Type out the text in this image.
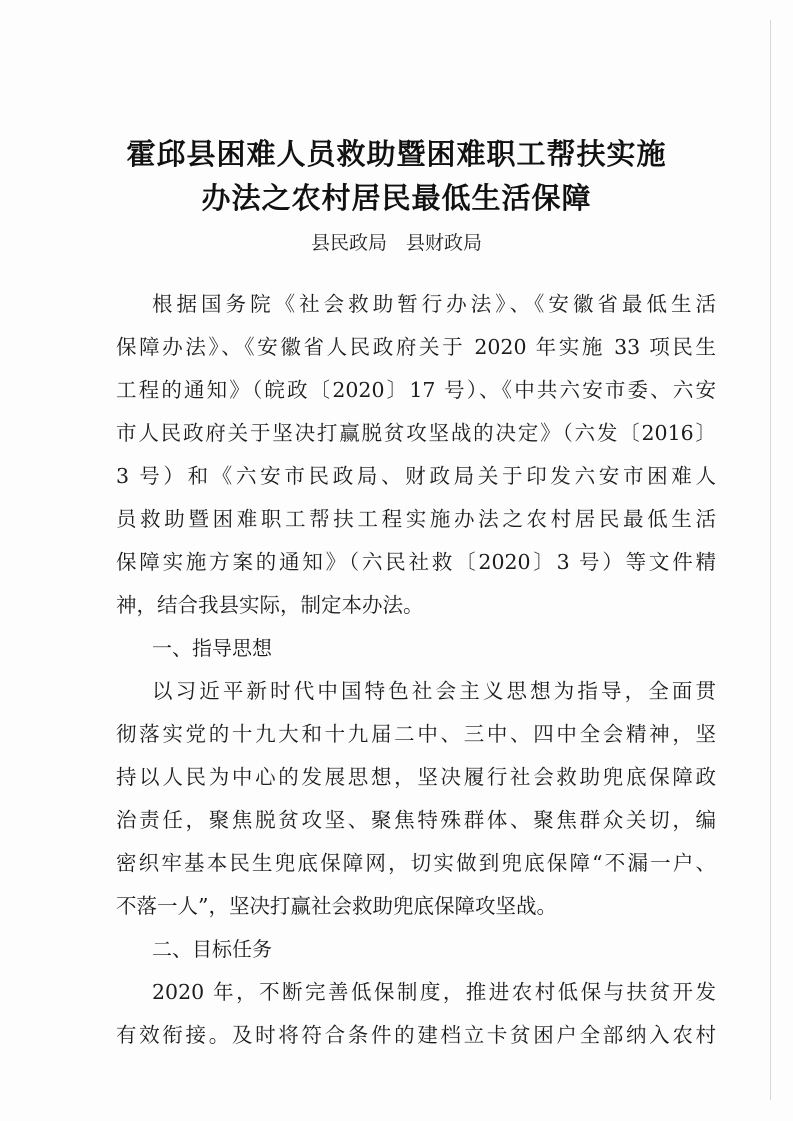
霍邱县困难人员救助暨困难职工帮扶实施
办法之农村居民最低生活保障
县民政局　县财政局
根据国务院《社会救助暂行办法》、《安徽省最低生活
保障办法》、《安徽省人民政府关于 2020 年实施 33 项民生
工程的通知》（皖政〔2020〕17 号）、《中共六安市委、六安
市人民政府关于坚决打赢脱贫攻坚战的决定》（六发〔2016〕
3 号）和《六安市民政局、财政局关于印发六安市困难人
员救助暨困难职工帮扶工程实施办法之农村居民最低生活
保障实施方案的通知》（六民社救〔2020〕3 号）等文件精
神，结合我县实际，制定本办法。
一、指导思想
以习近平新时代中国特色社会主义思想为指导，全面贯
彻落实党的十九大和十九届二中、三中、四中全会精神，坚
持以人民为中心的发展思想，坚决履行社会救助兜底保障政
治责任，聚焦脱贫攻坚、聚焦特殊群体、聚焦群众关切，编
密织牢基本民生兜底保障网，切实做到兜底保障“不漏一户、
不落一人”，坚决打赢社会救助兜底保障攻坚战。
二、目标任务
2020 年，不断完善低保制度，推进农村低保与扶贫开发
有效衔接。及时将符合条件的建档立卡贫困户全部纳入农村
